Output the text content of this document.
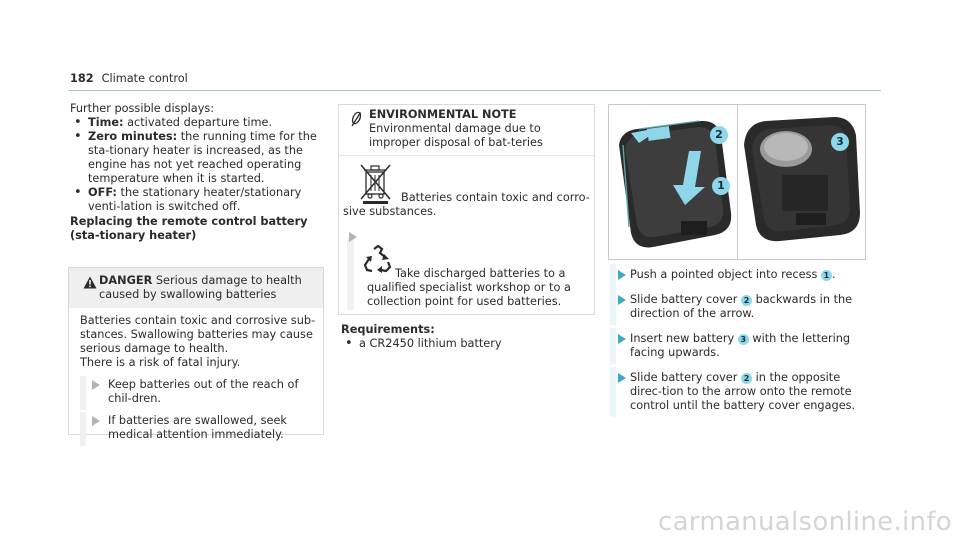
182 Climate control

Further possible displays:

• Time: activated departure time.
• Zero minutes: the running time for the sta-tionary heater is increased, as the engine has not yet reached operating temperature when it is started.
• OFF: the stationary heater/stationary venti-lation is switched off.

Replacing the remote control battery (sta-tionary heater)

DANGER Serious damage to health caused by swallowing batteries

Batteries contain toxic and corrosive sub-stances. Swallowing batteries may cause serious damage to health.

There is a risk of fatal injury.

Keep batteries out of the reach of chil-dren.
If batteries are swallowed, seek medical attention immediately.
ENVIRONMENTAL NOTE Environmental damage due to improper disposal of bat-teries
Batteries contain toxic and corro-
sive substances.
Take discharged batteries to a
qualified specialist workshop or to a collection point for used batteries.

Requirements:

• a CR2450 lithium battery
2
1
3
Push a pointed object into recess 1 .
Slide battery cover 2 backwards in the direction of the arrow.
Insert new battery 3 with the lettering facing upwards.
Slide battery cover 2 in the opposite direc-tion to the arrow onto the remote control until the battery cover engages.
carmanualsonline.info
